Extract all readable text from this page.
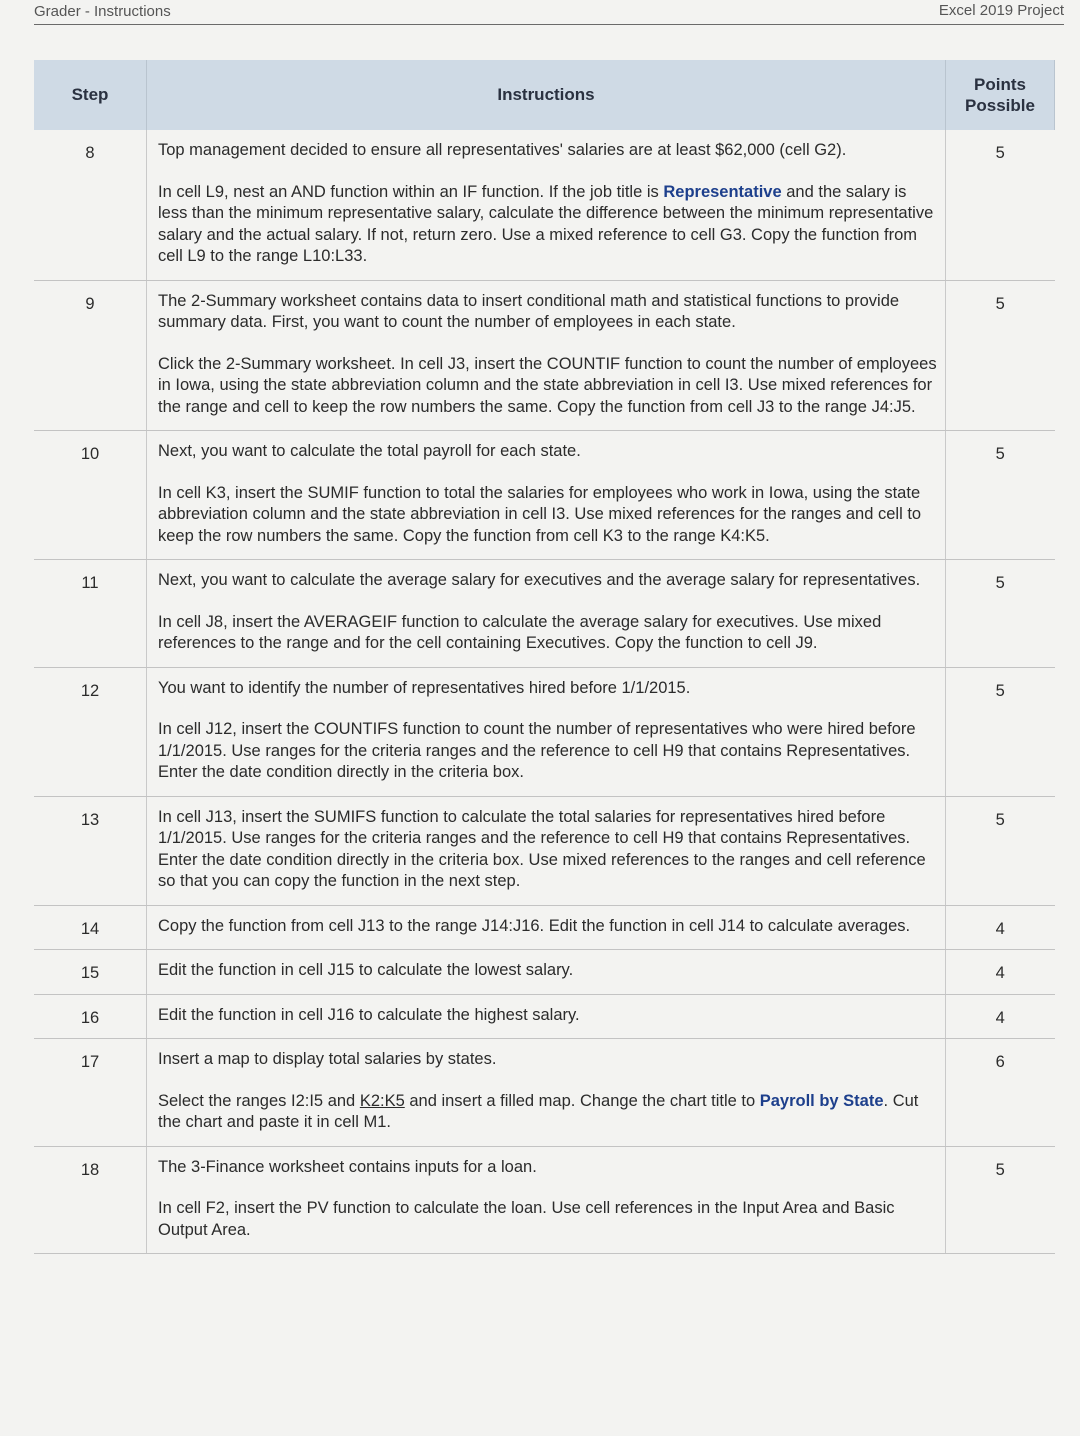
Grader - Instructions	Excel 2019 Project
Step	Instructions	Points
Possible
8	Top management decided to ensure all representatives' salaries are at least $62,000 (cell G2).

In cell L9, nest an AND function within an IF function. If the job title is Representative and the salary is less than the minimum representative salary, calculate the difference between the minimum representative salary and the actual salary. If not, return zero. Use a mixed reference to cell G3. Copy the function from cell L9 to the range L10:L33.	5
9	The 2-Summary worksheet contains data to insert conditional math and statistical functions to provide summary data. First, you want to count the number of employees in each state.

Click the 2-Summary worksheet. In cell J3, insert the COUNTIF function to count the number of employees in Iowa, using the state abbreviation column and the state abbreviation in cell I3. Use mixed references for the range and cell to keep the row numbers the same. Copy the function from cell J3 to the range J4:J5.	5
10	Next, you want to calculate the total payroll for each state.

In cell K3, insert the SUMIF function to total the salaries for employees who work in Iowa, using the state abbreviation column and the state abbreviation in cell I3. Use mixed references for the ranges and cell to keep the row numbers the same. Copy the function from cell K3 to the range K4:K5.	5
11	Next, you want to calculate the average salary for executives and the average salary for representatives.

In cell J8, insert the AVERAGEIF function to calculate the average salary for executives. Use mixed references to the range and for the cell containing Executives. Copy the function to cell J9.	5
12	You want to identify the number of representatives hired before 1/1/2015.

In cell J12, insert the COUNTIFS function to count the number of representatives who were hired before 1/1/2015. Use ranges for the criteria ranges and the reference to cell H9 that contains Representatives. Enter the date condition directly in the criteria box.	5
13	In cell J13, insert the SUMIFS function to calculate the total salaries for representatives hired before 1/1/2015. Use ranges for the criteria ranges and the reference to cell H9 that contains Representatives. Enter the date condition directly in the criteria box. Use mixed references to the ranges and cell reference so that you can copy the function in the next step.	5
14	Copy the function from cell J13 to the range J14:J16. Edit the function in cell J14 to calculate averages.	4
15	Edit the function in cell J15 to calculate the lowest salary.	4
16	Edit the function in cell J16 to calculate the highest salary.	4
17	Insert a map to display total salaries by states.

Select the ranges I2:I5 and K2:K5 and insert a filled map. Change the chart title to Payroll by State. Cut the chart and paste it in cell M1.	6
18	The 3-Finance worksheet contains inputs for a loan.

In cell F2, insert the PV function to calculate the loan. Use cell references in the Input Area and Basic Output Area.	5
